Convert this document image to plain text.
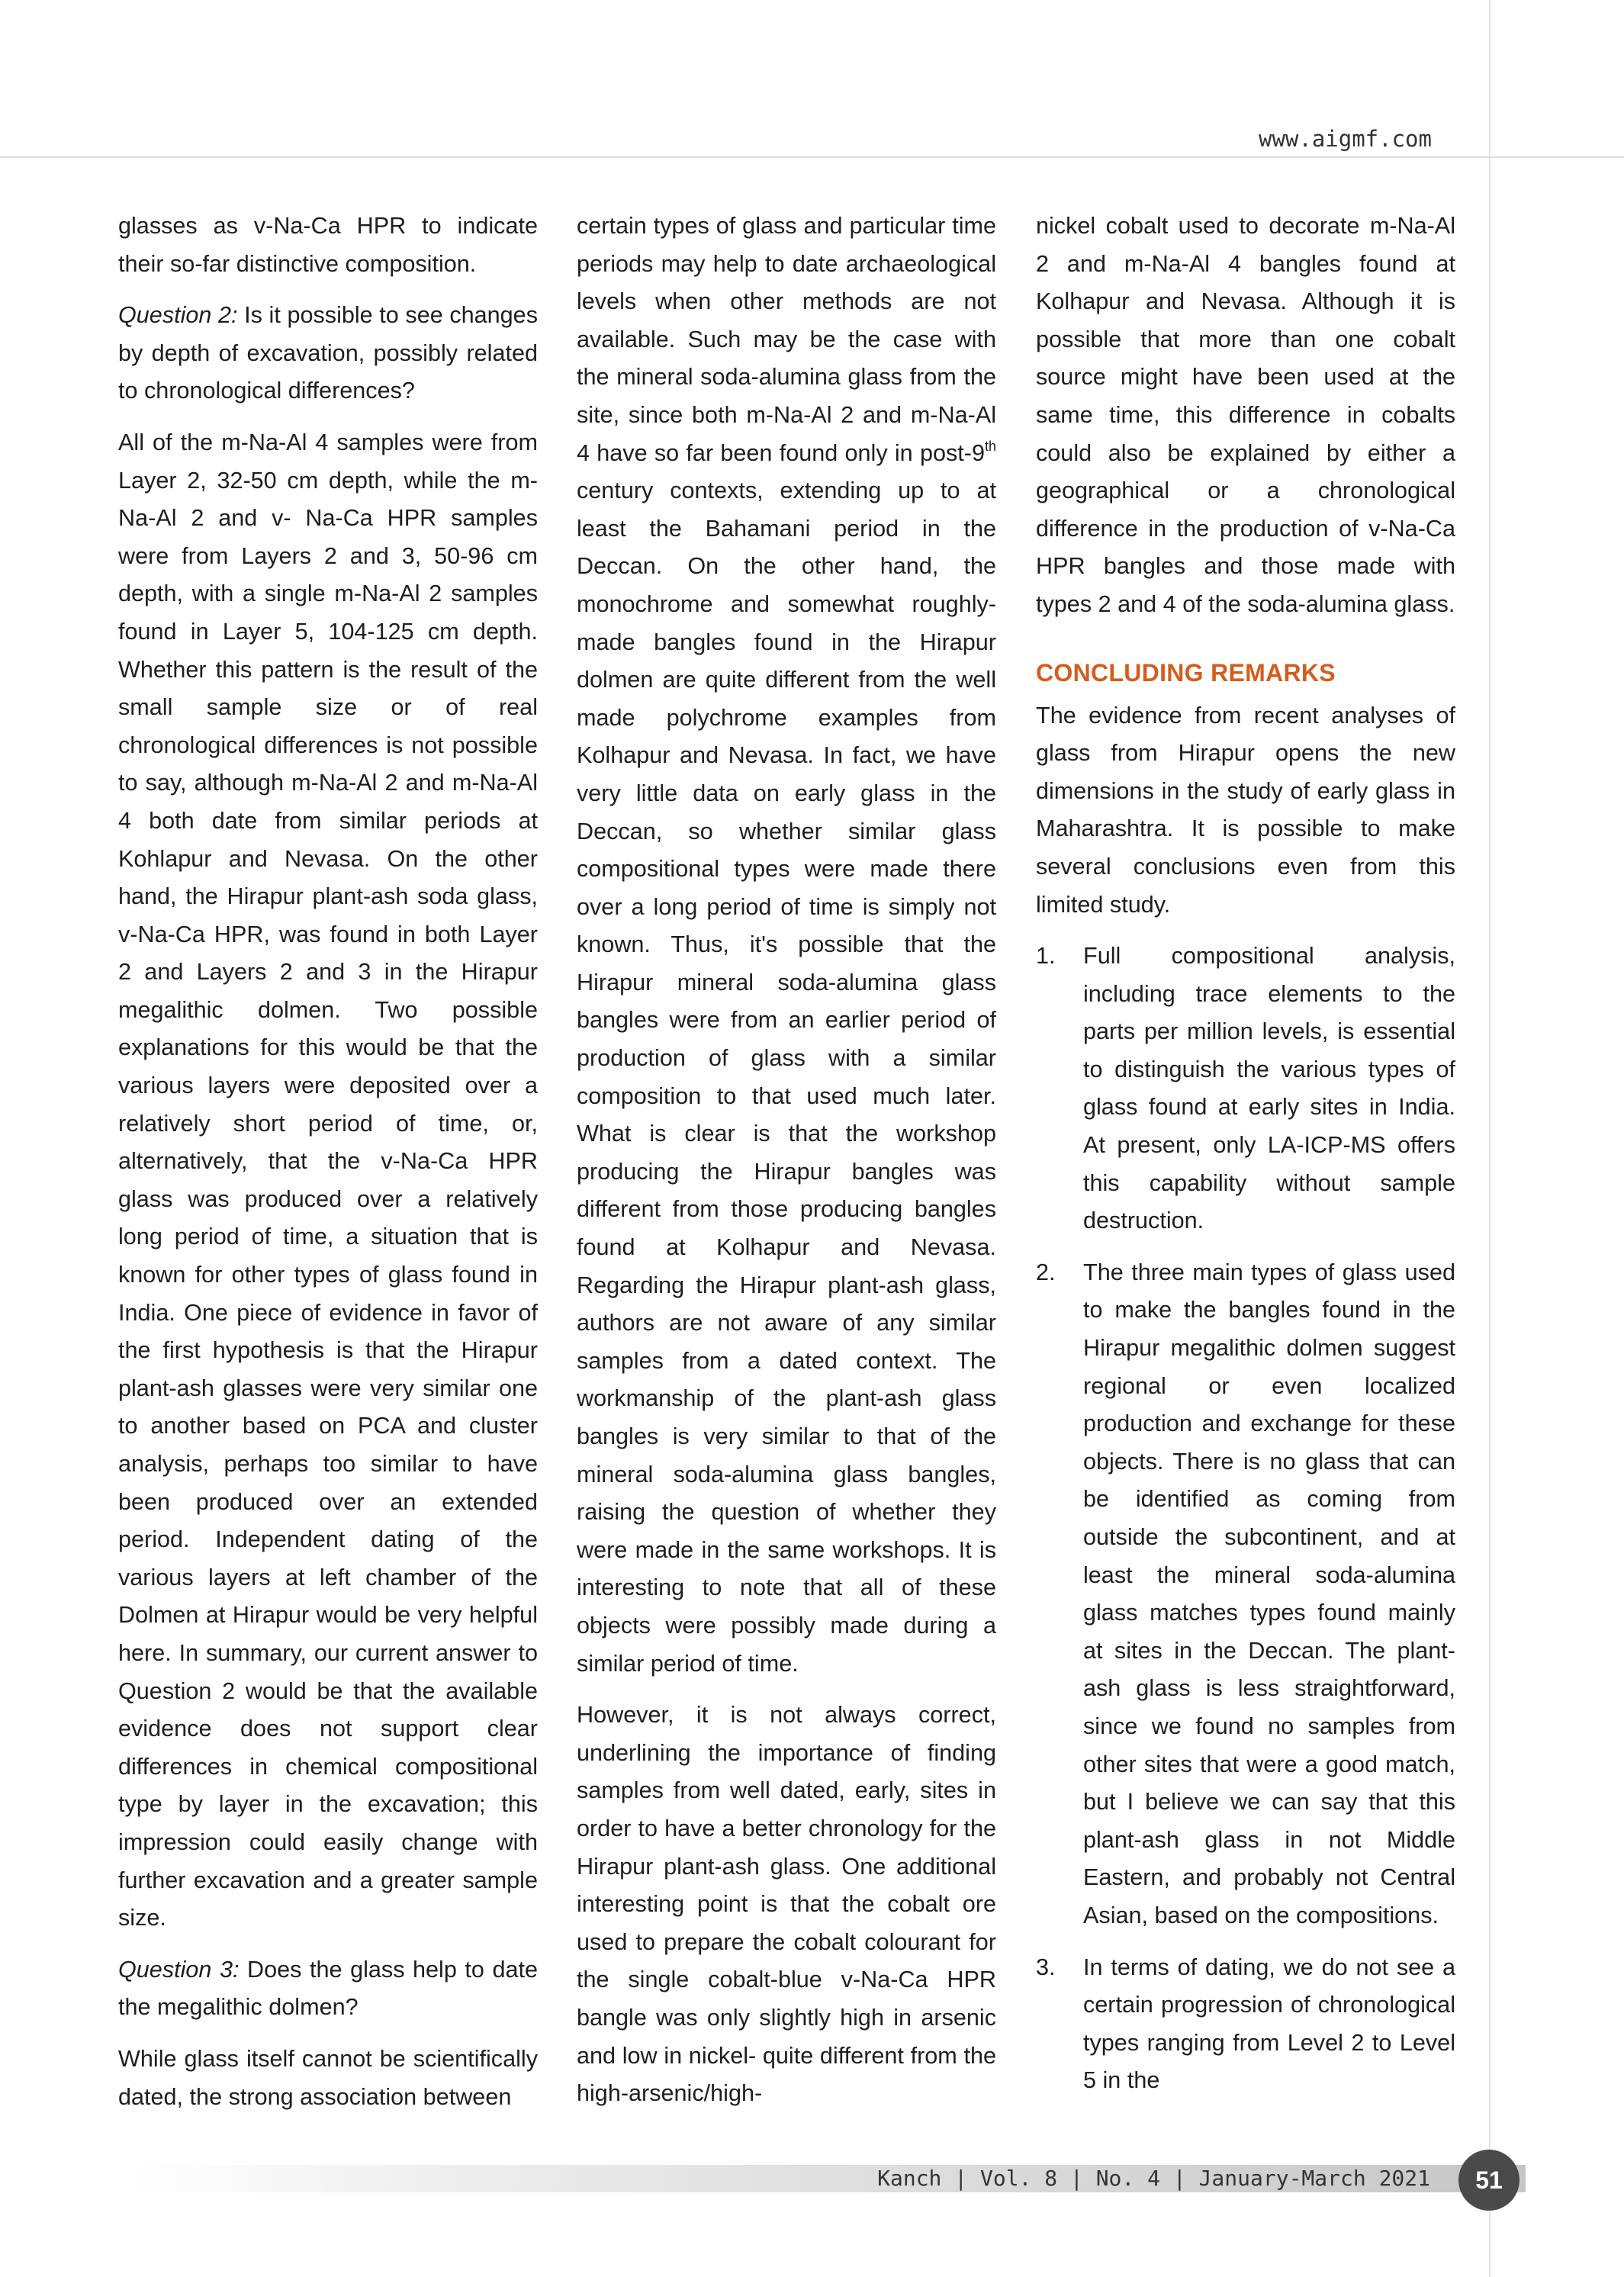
www.aigmf.com

glasses as v-Na-Ca HPR to indicate their so-far distinctive composition.

Question 2: Is it possible to see changes by depth of excavation, possibly related to chronological differences?

All of the m-Na-Al 4 samples were from Layer 2, 32-50 cm depth, while the m-Na-Al 2 and v- Na-Ca HPR samples were from Layers 2 and 3, 50-96 cm depth, with a single m-Na-Al 2 samples found in Layer 5, 104-125 cm depth. Whether this pattern is the result of the small sample size or of real chronological differences is not possible to say, although m-Na-Al 2 and m-Na-Al 4 both date from similar periods at Kohlapur and Nevasa. On the other hand, the Hirapur plant-ash soda glass, v-Na-Ca HPR, was found in both Layer 2 and Layers 2 and 3 in the Hirapur megalithic dolmen. Two possible explanations for this would be that the various layers were deposited over a relatively short period of time, or, alternatively, that the v-Na-Ca HPR glass was produced over a relatively long period of time, a situation that is known for other types of glass found in India. One piece of evidence in favor of the first hypothesis is that the Hirapur plant-ash glasses were very similar one to another based on PCA and cluster analysis, perhaps too similar to have been produced over an extended period. Independent dating of the various layers at left chamber of the Dolmen at Hirapur would be very helpful here. In summary, our current answer to Question 2 would be that the available evidence does not support clear differences in chemical compositional type by layer in the excavation; this impression could easily change with further excavation and a greater sample size.

Question 3: Does the glass help to date the megalithic dolmen?

While glass itself cannot be scientifically dated, the strong association between

certain types of glass and particular time periods may help to date archaeological levels when other methods are not available. Such may be the case with the mineral soda-alumina glass from the site, since both m-Na-Al 2 and m-Na-Al 4 have so far been found only in post-9th century contexts, extending up to at least the Bahamani period in the Deccan. On the other hand, the monochrome and somewhat roughly-made bangles found in the Hirapur dolmen are quite different from the well made polychrome examples from Kolhapur and Nevasa. In fact, we have very little data on early glass in the Deccan, so whether similar glass compositional types were made there over a long period of time is simply not known. Thus, it's possible that the Hirapur mineral soda-alumina glass bangles were from an earlier period of production of glass with a similar composition to that used much later. What is clear is that the workshop producing the Hirapur bangles was different from those producing bangles found at Kolhapur and Nevasa. Regarding the Hirapur plant-ash glass, authors are not aware of any similar samples from a dated context. The workmanship of the plant-ash glass bangles is very similar to that of the mineral soda-alumina glass bangles, raising the question of whether they were made in the same workshops. It is interesting to note that all of these objects were possibly made during a similar period of time.

However, it is not always correct, underlining the importance of finding samples from well dated, early, sites in order to have a better chronology for the Hirapur plant-ash glass. One additional interesting point is that the cobalt ore used to prepare the cobalt colourant for the single cobalt-blue v-Na-Ca HPR bangle was only slightly high in arsenic and low in nickel- quite different from the high-arsenic/high-

nickel cobalt used to decorate m-Na-Al 2 and m-Na-Al 4 bangles found at Kolhapur and Nevasa. Although it is possible that more than one cobalt source might have been used at the same time, this difference in cobalts could also be explained by either a geographical or a chronological difference in the production of v-Na-Ca HPR bangles and those made with types 2 and 4 of the soda-alumina glass.

CONCLUDING REMARKS

The evidence from recent analyses of glass from Hirapur opens the new dimensions in the study of early glass in Maharashtra. It is possible to make several conclusions even from this limited study.

1. Full compositional analysis, including trace elements to the parts per million levels, is essential to distinguish the various types of glass found at early sites in India. At present, only LA-ICP-MS offers this capability without sample destruction.
2. The three main types of glass used to make the bangles found in the Hirapur megalithic dolmen suggest regional or even localized production and exchange for these objects. There is no glass that can be identified as coming from outside the subcontinent, and at least the mineral soda-alumina glass matches types found mainly at sites in the Deccan. The plant-ash glass is less straightforward, since we found no samples from other sites that were a good match, but I believe we can say that this plant-ash glass in not Middle Eastern, and probably not Central Asian, based on the compositions.
3. In terms of dating, we do not see a certain progression of chronological types ranging from Level 2 to Level 5 in the
Kanch | Vol. 8 | No. 4 | January-March 2021	51
